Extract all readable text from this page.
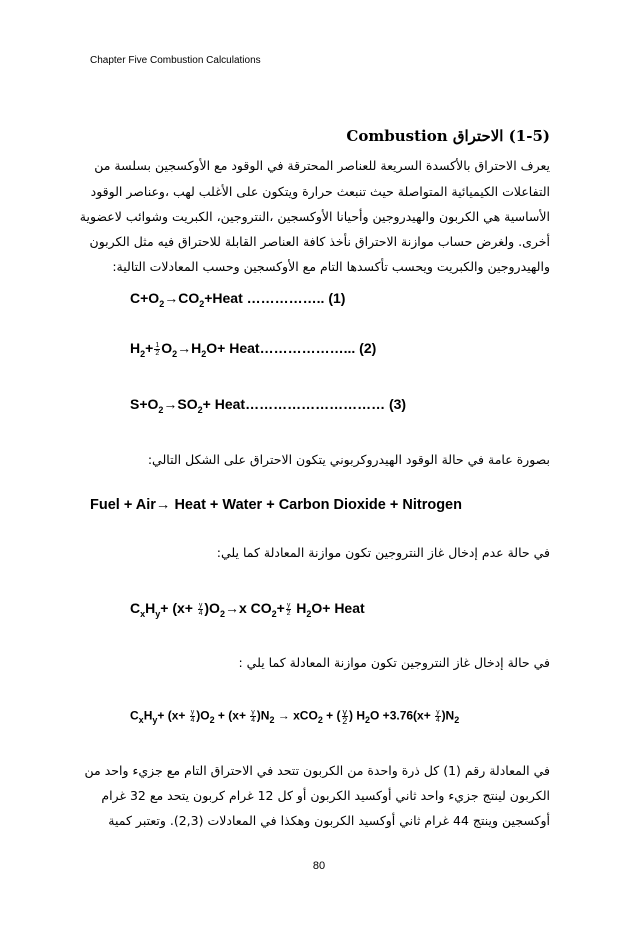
Chapter Five Combustion Calculations
(1-5) الاحتراق Combustion
يعرف الاحتراق بالأكسدة السريعة للعناصر المحترقة في الوقود مع الأوكسجين بسلسة من
التفاعلات الكيميائية المتواصلة حيث تنبعث حرارة ويتكون على الأغلب لهب ،وعناصر الوقود
الأساسية هي الكربون والهيدروجين وأحيانا الأوكسجين ،النتروجين، الكبريت وشوائب لاعضوية
أخرى. ولغرض حساب موازنة الاحتراق نأخذ كافة العناصر القابلة للاحتراق فيه مثل الكربون
والهيدروجين والكبريت ويحسب تأكسدها التام مع الأوكسجين وحسب المعادلات التالية:
$C+O_2\to CO_2+Heat$ …………….. (1)
$H_2+ \frac{1}{2} O_2\to H_2O+$ Heat………………... (2)
$S+O_2\to SO_2+$ Heat………………………… (3)
بصورة عامة في حالة الوقود الهيدروكربوني يتكون الاحتراق على الشكل التالي:
Fuel + Air→ Heat + Water + Carbon Dioxide + Nitrogen
في حالة عدم إدخال غاز النتروجين تكون موازنة المعادلة كما يلي:
$C_xH_y+ (x+ \frac{y}{4} )O_2\to x$ $CO_2+ \frac{y}{2} H_2O+$ Heat
في حالة إدخال غاز النتروجين تكون موازنة المعادلة كما يلي :
$C_xH_y+ (x+ \frac{y}{4} )O_2 + (x+ \frac{y}{4} )N_2 \to xCO_2$ + ( $\frac{y}{2}$ ) $H_2O +3.76(x+ \frac{y}{4} )N_2$
في المعادلة رقم (1) كل ذرة واحدة من الكربون تتحد في الاحتراق التام مع جزيء واحد من
الكربون لينتج جزيء واحد ثاني أوكسيد الكربون أو كل 12 غرام كربون يتحد مع 32 غرام
أوكسجين وينتج 44 غرام ثاني أوكسيد الكربون وهكذا في المعادلات (2,3). وتعتبر كمية
80
